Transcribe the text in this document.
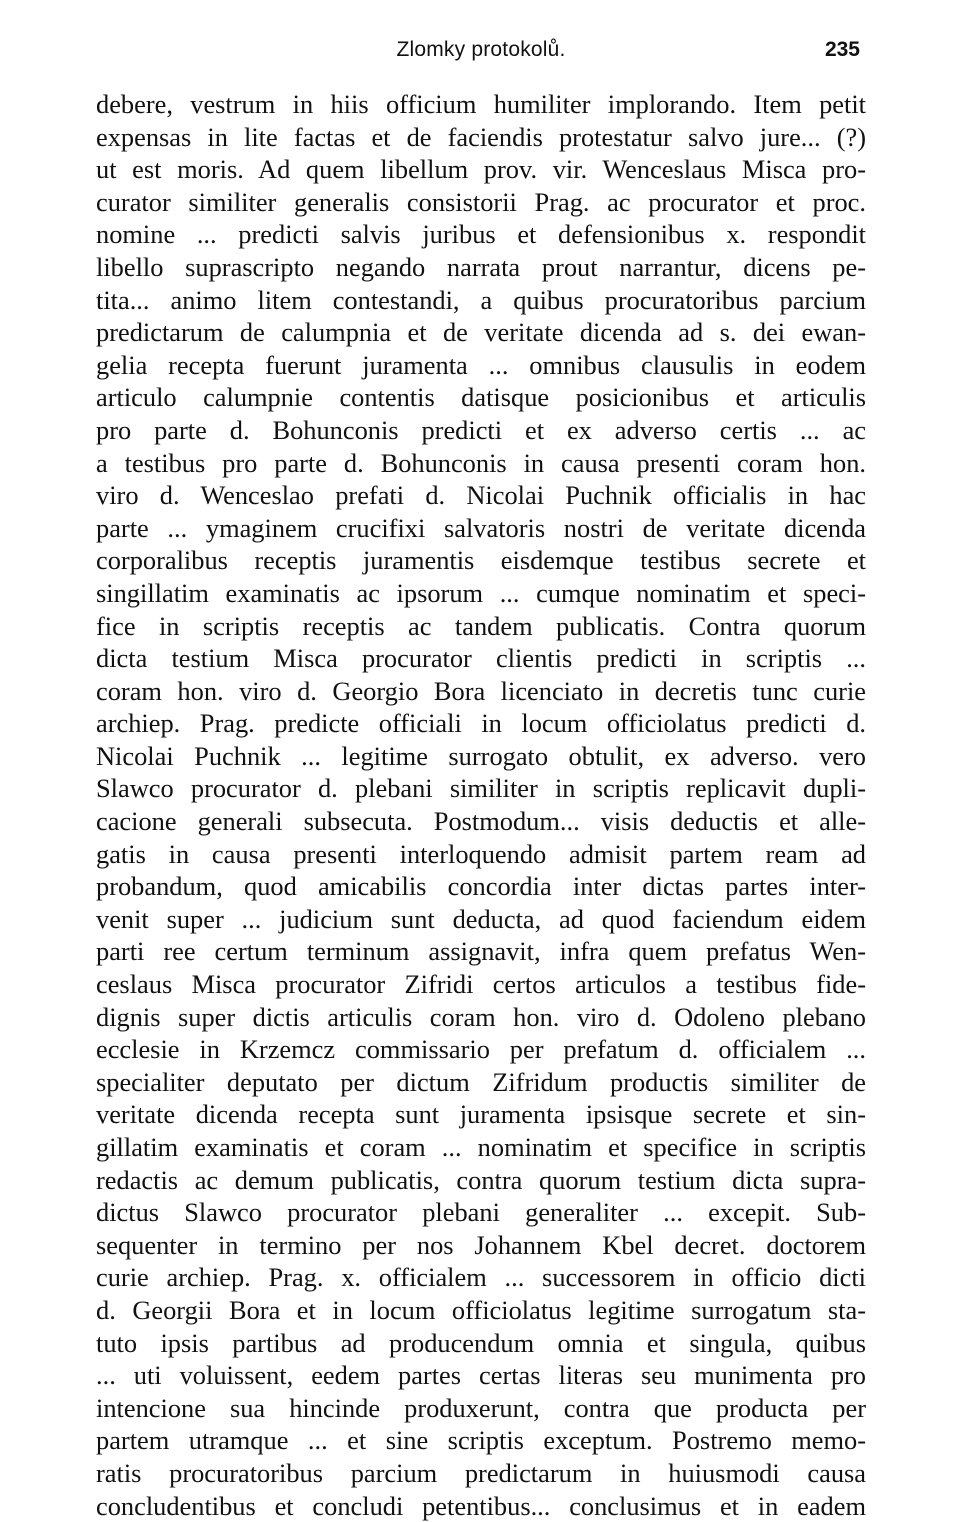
Zlomky protokolů.	235
debere, vestrum in hiis officium humiliter implorando. Item petit
expensas in lite factas et de faciendis protestatur salvo jure... (?)
ut est moris. Ad quem libellum prov. vir. Wenceslaus Misca pro-
curator similiter generalis consistorii Prag. ac procurator et proc.
nomine ... predicti salvis juribus et defensionibus x. respondit
libello suprascripto negando narrata prout narrantur, dicens pe-
tita... animo litem contestandi, a quibus procuratoribus parcium
predictarum de calumpnia et de veritate dicenda ad s. dei ewan-
gelia recepta fuerunt juramenta ... omnibus clausulis in eodem
articulo calumpnie contentis datisque posicionibus et articulis
pro parte d. Bohunconis predicti et ex adverso certis ... ac
a testibus pro parte d. Bohunconis in causa presenti coram hon.
viro d. Wenceslao prefati d. Nicolai Puchnik officialis in hac
parte ... ymaginem crucifixi salvatoris nostri de veritate dicenda
corporalibus receptis juramentis eisdemque testibus secrete et
singillatim examinatis ac ipsorum ... cumque nominatim et speci-
fice in scriptis receptis ac tandem publicatis. Contra quorum
dicta testium Misca procurator clientis predicti in scriptis ...
coram hon. viro d. Georgio Bora licenciato in decretis tunc curie
archiep. Prag. predicte officiali in locum officiolatus predicti d.
Nicolai Puchnik ... legitime surrogato obtulit, ex adverso. vero
Slawco procurator d. plebani similiter in scriptis replicavit dupli-
cacione generali subsecuta. Postmodum... visis deductis et alle-
gatis in causa presenti interloquendo admisit partem ream ad
probandum, quod amicabilis concordia inter dictas partes inter-
venit super ... judicium sunt deducta, ad quod faciendum eidem
parti ree certum terminum assignavit, infra quem prefatus Wen-
ceslaus Misca procurator Zifridi certos articulos a testibus fide-
dignis super dictis articulis coram hon. viro d. Odoleno plebano
ecclesie in Krzemcz commissario per prefatum d. officialem ...
specialiter deputato per dictum Zifridum productis similiter de
veritate dicenda recepta sunt juramenta ipsisque secrete et sin-
gillatim examinatis et coram ... nominatim et specifice in scriptis
redactis ac demum publicatis, contra quorum testium dicta supra-
dictus Slawco procurator plebani generaliter ... excepit. Sub-
sequenter in termino per nos Johannem Kbel decret. doctorem
curie archiep. Prag. x. officialem ... successorem in officio dicti
d. Georgii Bora et in locum officiolatus legitime surrogatum sta-
tuto ipsis partibus ad producendum omnia et singula, quibus
... uti voluissent, eedem partes certas literas seu munimenta pro
intencione sua hincinde produxerunt, contra que producta per
partem utramque ... et sine scriptis exceptum. Postremo memo-
ratis procuratoribus parcium predictarum in huiusmodi causa
concludentibus et concludi petentibus... conclusimus et in eadem
